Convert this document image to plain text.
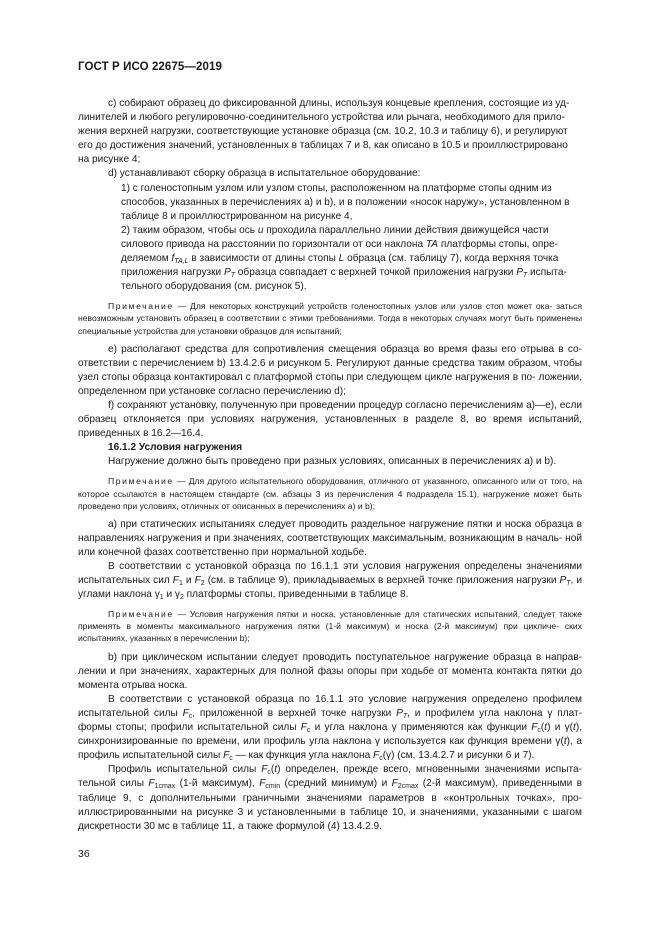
ГОСТ Р ИСО 22675—2019

c) собирают образец до фиксированной длины, используя концевые крепления, состоящие из уд-

линителей и любого регулировочно-соединительного устройства или рычага, необходимого для прило-

жения верхней нагрузки, соответствующие установке образца (см. 10.2, 10.3 и таблицу 6), и регулируют

его до достижения значений, установленных в таблицах 7 и 8, как описано в 10.5 и проиллюстрировано

на рисунке 4;

d) устанавливают сборку образца в испытательное оборудование:

1) с голеностопным узлом или узлом стопы, расположенном на платформе стопы одним из

способов, указанных в перечислениях а) и b), и в положении «носок наружу», установленном в

таблице 8 и проиллюстрированном на рисунке 4,

2) таким образом, чтобы ось u проходила параллельно линии действия движущейся части

силового привода на расстоянии по горизонтали от оси наклона TA платформы стопы, опре-

деляемом $f_{TA,L}$ в зависимости от длины стопы L образца (см. таблицу 7), когда верхняя точка

приложения нагрузки $P_T$ образца совпадает с верхней точкой приложения нагрузки $P_T$ испыта-

тельного оборудования (см. рисунок 5).

Примечание — Для некоторых конструкций устройств голеностопных узлов или узлов стоп может ока- заться невозможным установить образец в соответствии с этими требованиями. Тогда в некоторых случаях могут быть применены специальные устройства для установки образцов для испытаний;

e) располагают средства для сопротивления смещения образца во время фазы его отрыва в со- ответствии с перечислением b) 13.4.2.6 и рисунком 5. Регулируют данные средства таким образом, чтобы узел стопы образца контактировал с платформой стопы при следующем цикле нагружения в по- ложении, определенном при установке согласно перечислению d);

f) сохраняют установку, полученную при проведении процедур согласно перечислениям а)—е), если образец отклоняется при условиях нагружения, установленных в разделе 8, во время испытаний, приведенных в 16.2—16.4.

16.1.2 Условия нагружения

Нагружение должно быть проведено при разных условиях, описанных в перечислениях а) и b).

Примечание — Для другого испытательного оборудования, отличного от указанного, описанного или от того, на которое ссылаются в настоящем стандарте (см. абзацы 3 из перечисления 4 подраздела 15.1), нагружение может быть проведено при условиях, отличных от описанных в перечислениях а) и b);

а) при статических испытаниях следует проводить раздельное нагружение пятки и носка образца в направлениях нагружения и при значениях, соответствующих максимальным, возникающим в началь- ной или конечной фазах соответственно при нормальной ходьбе.

В соответствии с установкой образца по 16.1.1 эти условия нагружения определены значениями испытательных сил $F_1$ и $F_2$ (см. в таблице 9), прикладываемых в верхней точке приложения нагрузки $P_T$, и углами наклона $\gamma_1$ и $\gamma_2$ платформы стопы, приведенными в таблице 8.

Примечание — Условия нагружения пятки и носка, установленные для статических испытаний, следует также применять в моменты максимального нагружения пятки (1-й максимум) и носка (2-й максимум) при цикличе- ских испытаниях, указанных в перечислении b);

b) при циклическом испытании следует проводить поступательное нагружение образца в направ- лении и при значениях, характерных для полной фазы опоры при ходьбе от момента контакта пятки до момента отрыва носка.

В соответствии с установкой образца по 16.1.1 это условие нагружения определено профилем испытательной силы $F_c$, приложенной в верхней точке нагрузки $P_T$, и профилем угла наклона γ плат- формы стопы; профили испытательной силы $F_c$ и угла наклона γ применяются как функции $F_c(t)$ и γ(t), синхронизированные по времени, или профиль угла наклона γ используется как функция времени γ(t), а профиль испытательной силы $F_c$ — как функция угла наклона $F_c(\gamma)$ (см. 13.4.2.7 и рисунки 6 и 7).

Профиль испытательной силы $F_c(t)$ определен, прежде всего, мгновенными значениями испыта- тельной силы $F_{1cmax}$ (1-й максимум), $F_{cmin}$ (средний минимум) и $F_{2cmax}$ (2-й максимум), приведенными в таблице 9, с дополнительными граничными значениями параметров в «контрольных точках», про- иллюстрированными на рисунке 3 и установленными в таблице 10, и значениями, указанными с шагом дискретности 30 мс в таблице 11, а также формулой (4) 13.4.2.9.

36
